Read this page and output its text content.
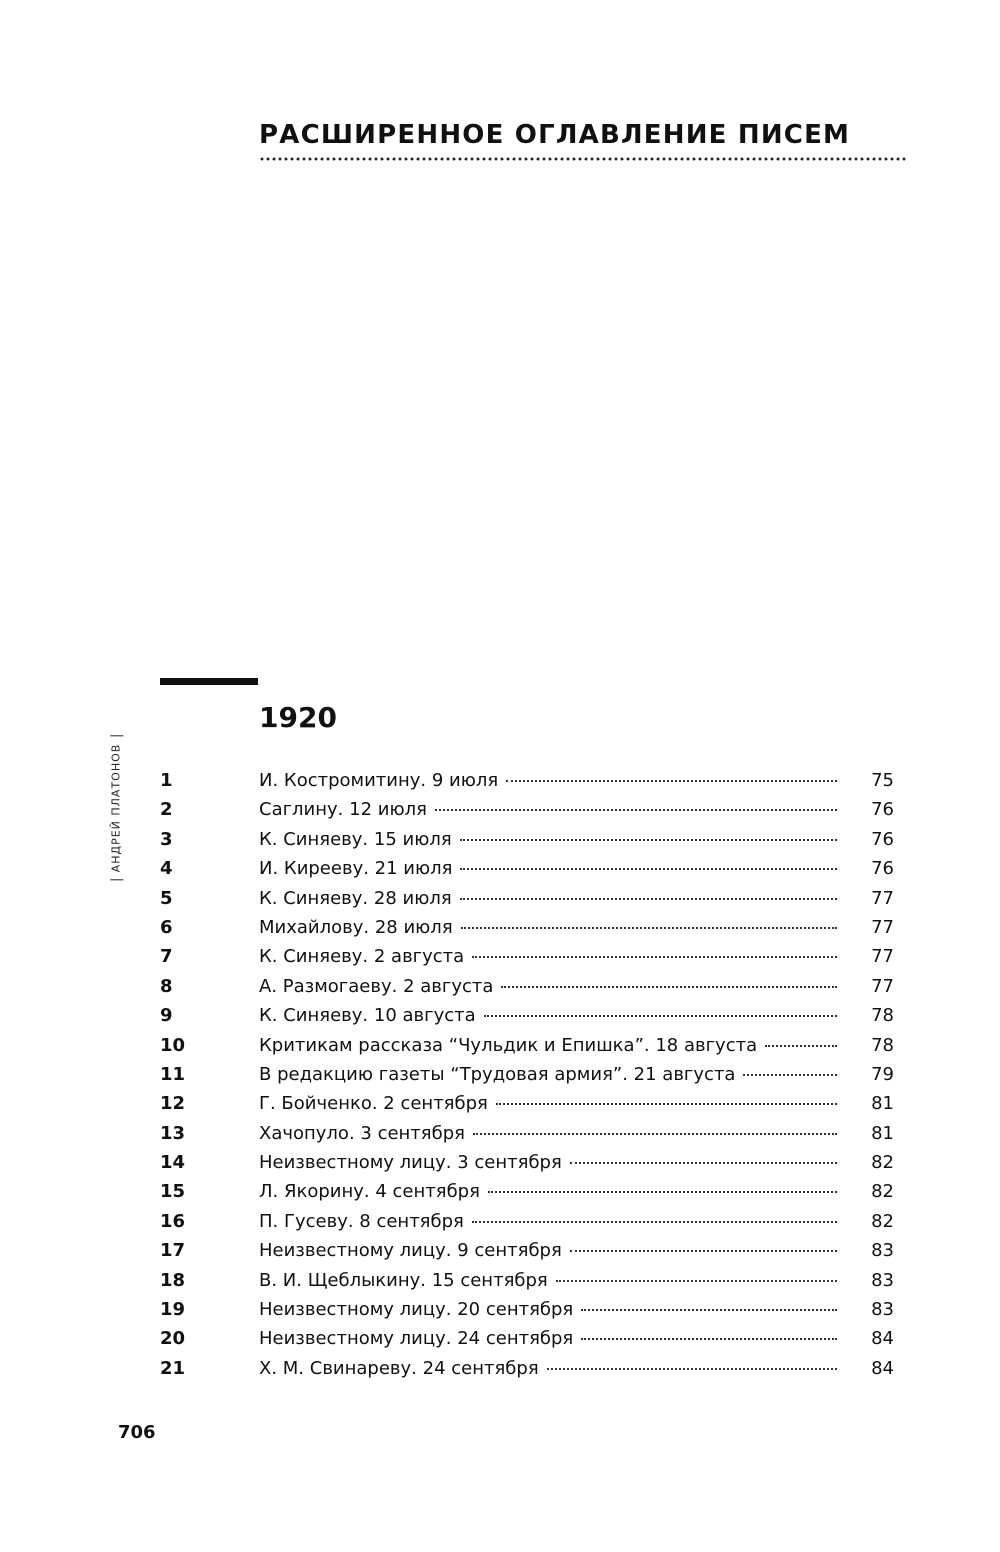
РАСШИРЕННОЕ ОГЛАВЛЕНИЕ ПИСЕМ
АНДРЕЙ ПЛАТОНОВ
1920
1	И. Костромитину. 9 июля	75
2	Саглину. 12 июля	76
3	К. Синяеву. 15 июля	76
4	И. Кирееву. 21 июля	76
5	К. Синяеву. 28 июля	77
6	Михайлову. 28 июля	77
7	К. Синяеву. 2 августа	77
8	А. Размогаеву. 2 августа	77
9	К. Синяеву. 10 августа	78
10	Критикам рассказа “Чульдик и Епишка”. 18 августа	78
11	В редакцию газеты “Трудовая армия”. 21 августа	79
12	Г. Бойченко. 2 сентября	81
13	Хачопуло. 3 сентября	81
14	Неизвестному лицу. 3 сентября	82
15	Л. Якорину. 4 сентября	82
16	П. Гусеву. 8 сентября	82
17	Неизвестному лицу. 9 сентября	83
18	В. И. Щеблыкину. 15 сентября	83
19	Неизвестному лицу. 20 сентября	83
20	Неизвестному лицу. 24 сентября	84
21	Х. М. Свинареву. 24 сентября	84
706
